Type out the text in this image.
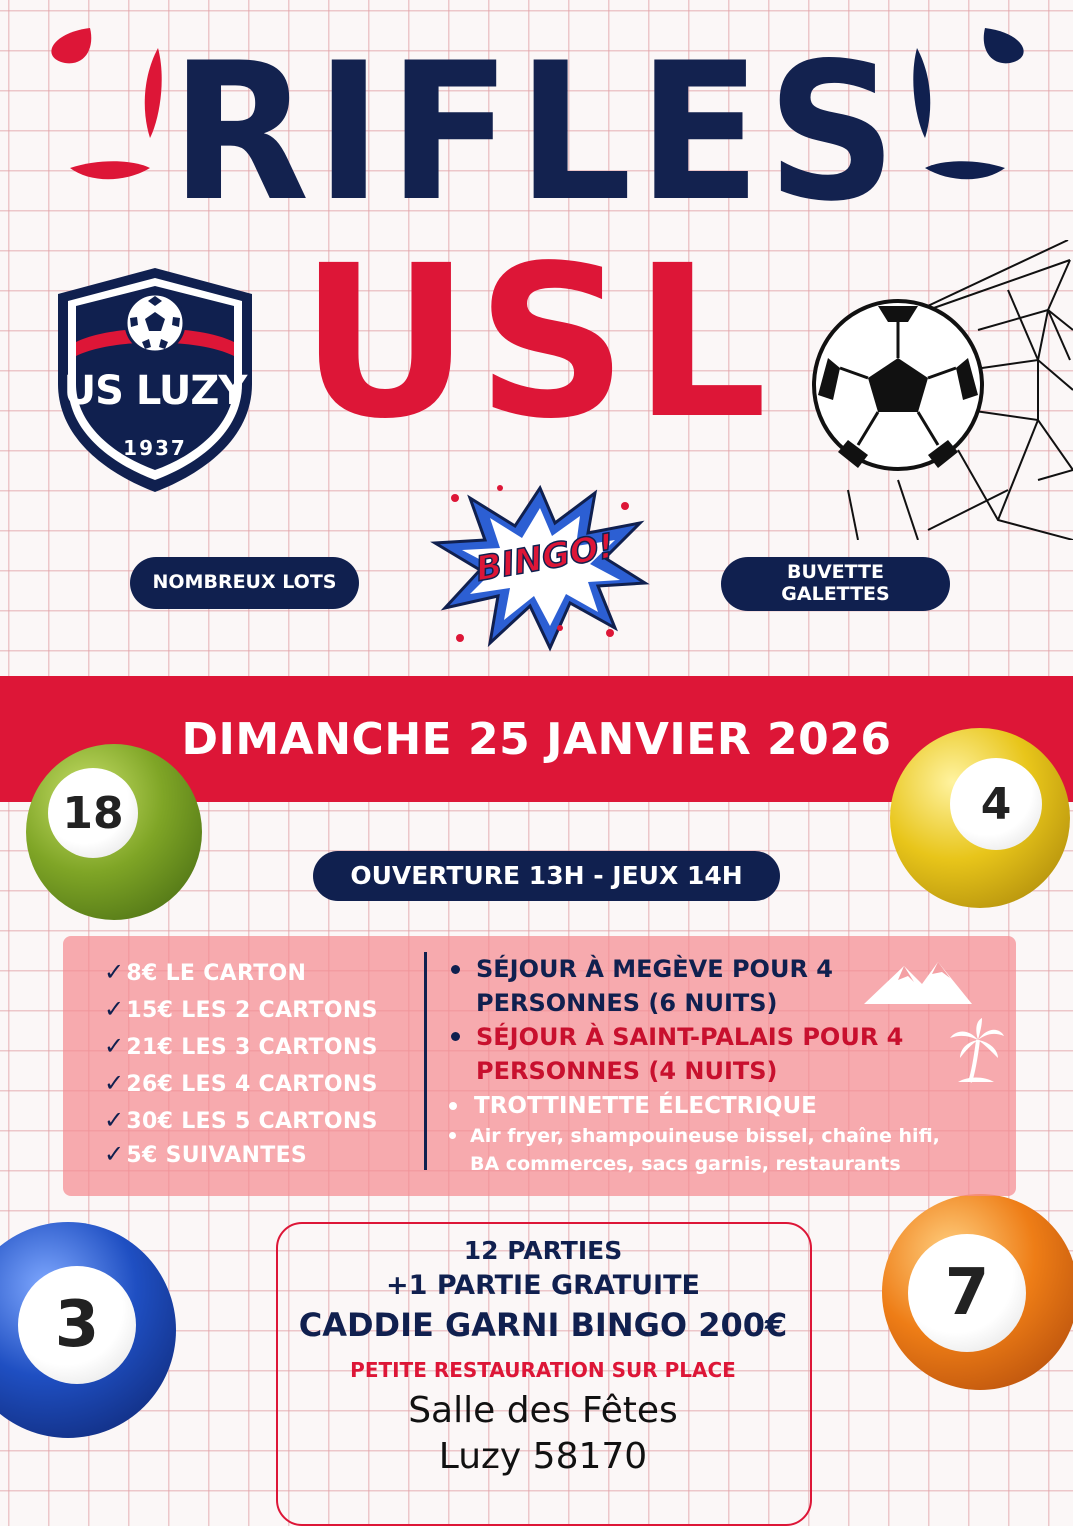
RIFLES
USL
US LUZY
1937
NOMBREUX LOTS	BUVETTE
GALETTES
BINGO!
DIMANCHE 25 JANVIER 2026
18	4
3	7
OUVERTURE 13H - JEUX 14H
✓8€ LE CARTON
✓15€ LES 2 CARTONS
✓21€ LES 3 CARTONS
✓26€ LES 4 CARTONS
✓30€ LES 5 CARTONS
✓5€ SUIVANTES
SÉJOUR À MEGÈVE POUR 4
PERSONNES (6 NUITS)
SÉJOUR À SAINT-PALAIS POUR 4
PERSONNES (4 NUITS)
TROTTINETTE ÉLECTRIQUE
Air fryer, shampouineuse bissel, chaîne hifi,
BA commerces, sacs garnis, restaurants
12 PARTIES
+1 PARTIE GRATUITE
CADDIE GARNI BINGO 200€
PETITE RESTAURATION SUR PLACE
Salle des Fêtes
Luzy 58170
